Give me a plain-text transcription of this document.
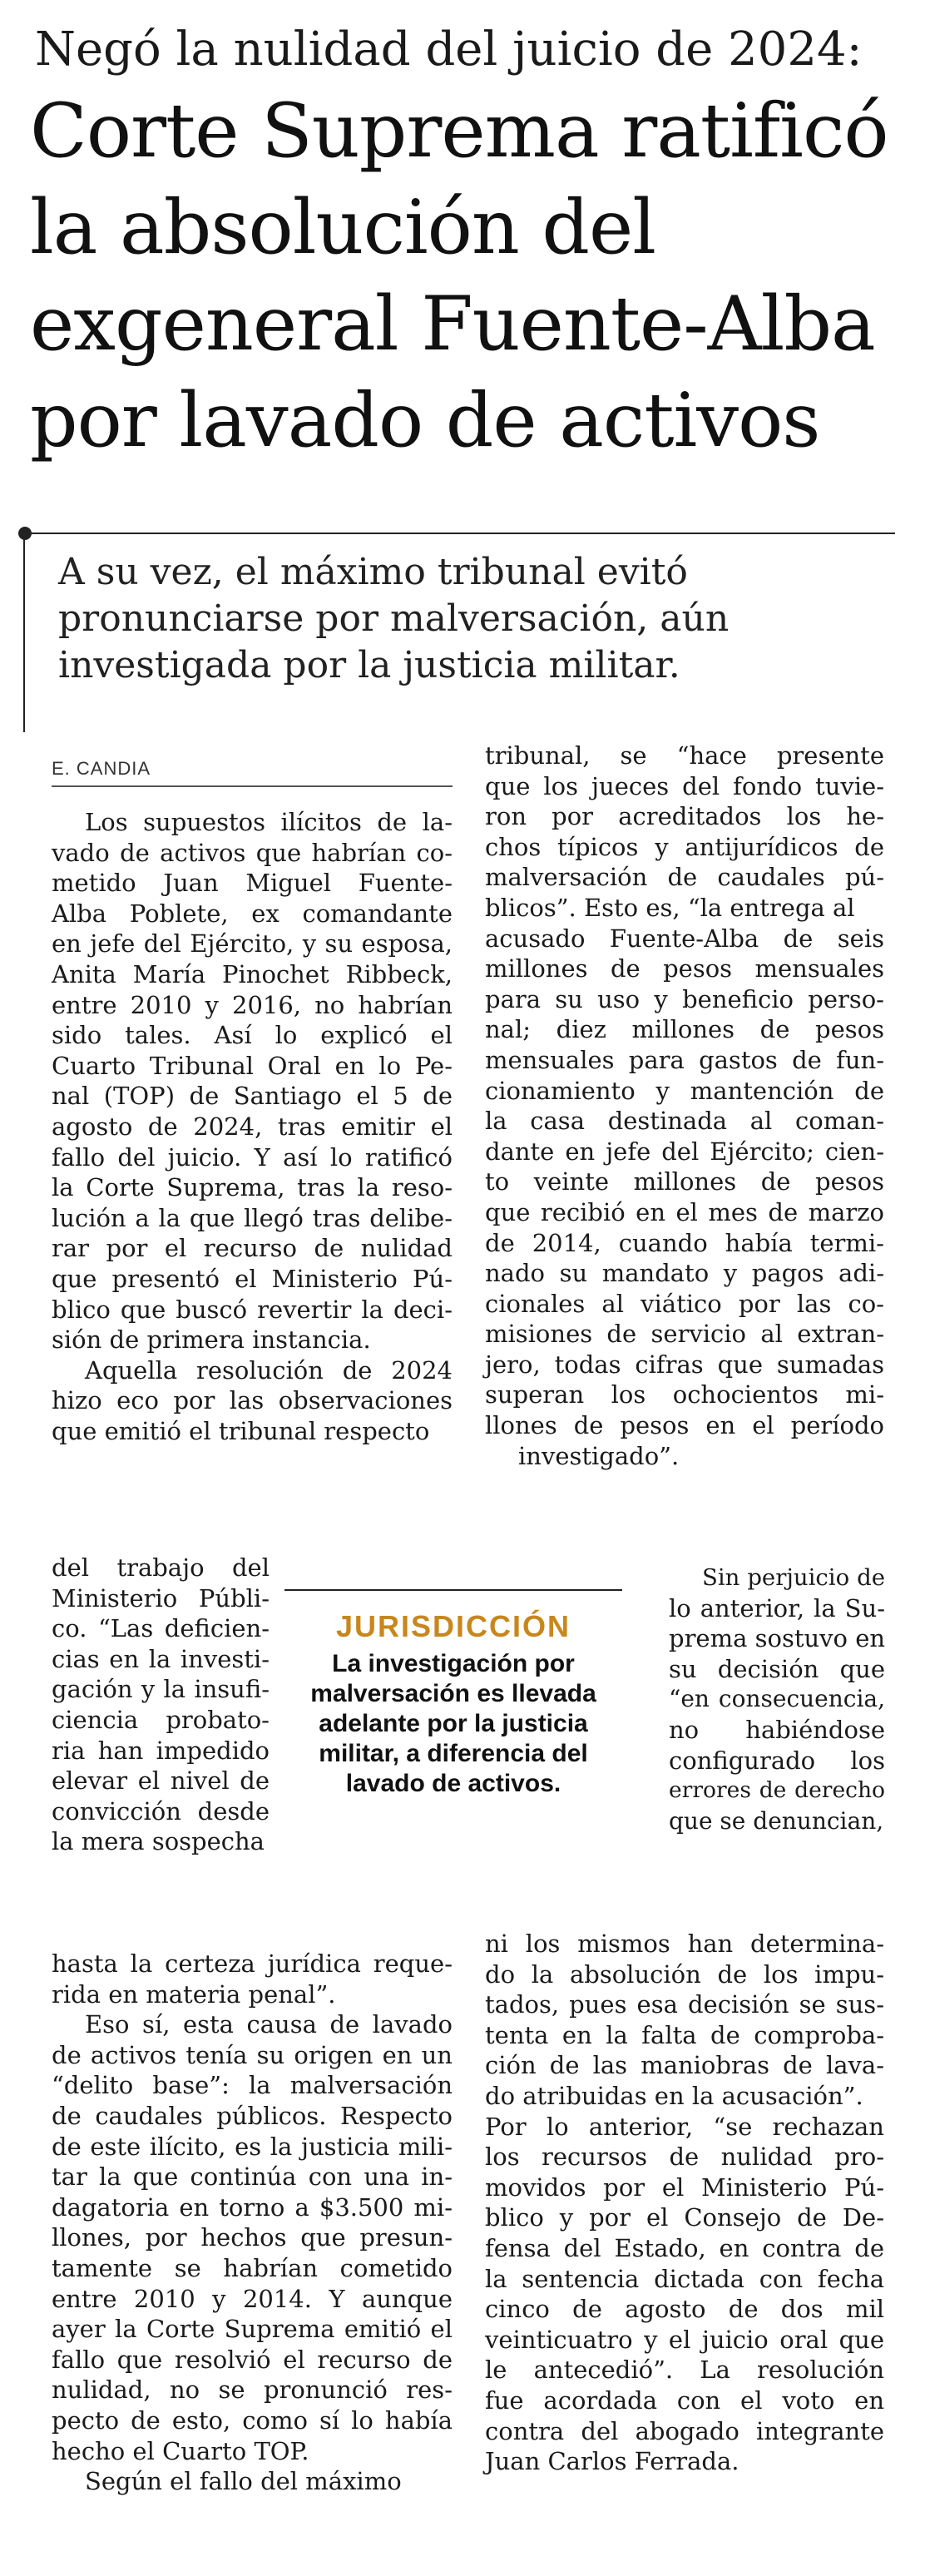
Negó la nulidad del juicio de 2024:
Corte Suprema ratificó
la absolución del
exgeneral Fuente-Alba
por lavado de activos
A su vez, el máximo tribunal evitó
pronunciarse por malversación, aún
investigada por la justicia militar.
E. CANDIA
Los supuestos ilícitos de la-
vado de activos que habrían co-
metido Juan Miguel Fuente-
Alba Poblete, ex comandante
en jefe del Ejército, y su esposa,
Anita María Pinochet Ribbeck,
entre 2010 y 2016, no habrían
sido tales. Así lo explicó el
Cuarto Tribunal Oral en lo Pe-
nal (TOP) de Santiago el 5 de
agosto de 2024, tras emitir el
fallo del juicio. Y así lo ratificó
la Corte Suprema, tras la reso-
lución a la que llegó tras delibe-
rar por el recurso de nulidad
que presentó el Ministerio Pú-
blico que buscó revertir la deci-
sión de primera instancia.
Aquella resolución de 2024
hizo eco por las observaciones
que emitió el tribunal respecto
del trabajo del
Ministerio Públi-
co. “Las deficien-
cias en la investi-
gación y la insufi-
ciencia probato-
ria han impedido
elevar el nivel de
convicción desde
la mera sospecha
hasta la certeza jurídica reque-
rida en materia penal”.
Eso sí, esta causa de lavado
de activos tenía su origen en un
“delito base”: la malversación
de caudales públicos. Respecto
de este ilícito, es la justicia mili-
tar la que continúa con una in-
dagatoria en torno a $3.500 mi-
llones, por hechos que presun-
tamente se habrían cometido
entre 2010 y 2014. Y aunque
ayer la Corte Suprema emitió el
fallo que resolvió el recurso de
nulidad, no se pronunció res-
pecto de esto, como sí lo había
hecho el Cuarto TOP.
Según el fallo del máximo
tribunal, se “hace presente
que los jueces del fondo tuvie-
ron por acreditados los he-
chos típicos y antijurídicos de
malversación de caudales pú-
blicos”. Esto es, “la entrega al
acusado Fuente-Alba de seis
millones de pesos mensuales
para su uso y beneficio perso-
nal; diez millones de pesos
mensuales para gastos de fun-
cionamiento y mantención de
la casa destinada al coman-
dante en jefe del Ejército; cien-
to veinte millones de pesos
que recibió en el mes de marzo
de 2014, cuando había termi-
nado su mandato y pagos adi-
cionales al viático por las co-
misiones de servicio al extran-
jero, todas cifras que sumadas
superan los ochocientos mi-
llones de pesos en el período
investigado”.
Sin perjuicio de
lo anterior, la Su-
prema sostuvo en
su decisión que
“en consecuencia,
no habiéndose
configurado los
errores de derecho
que se denuncian,
ni los mismos han determina-
do la absolución de los impu-
tados, pues esa decisión se sus-
tenta en la falta de comproba-
ción de las maniobras de lava-
do atribuidas en la acusación”.
Por lo anterior, “se rechazan
los recursos de nulidad pro-
movidos por el Ministerio Pú-
blico y por el Consejo de De-
fensa del Estado, en contra de
la sentencia dictada con fecha
cinco de agosto de dos mil
veinticuatro y el juicio oral que
le antecedió”. La resolución
fue acordada con el voto en
contra del abogado integrante
Juan Carlos Ferrada.
JURISDICCIÓN
La investigación por
malversación es llevada
adelante por la justicia
militar, a diferencia del
lavado de activos.
